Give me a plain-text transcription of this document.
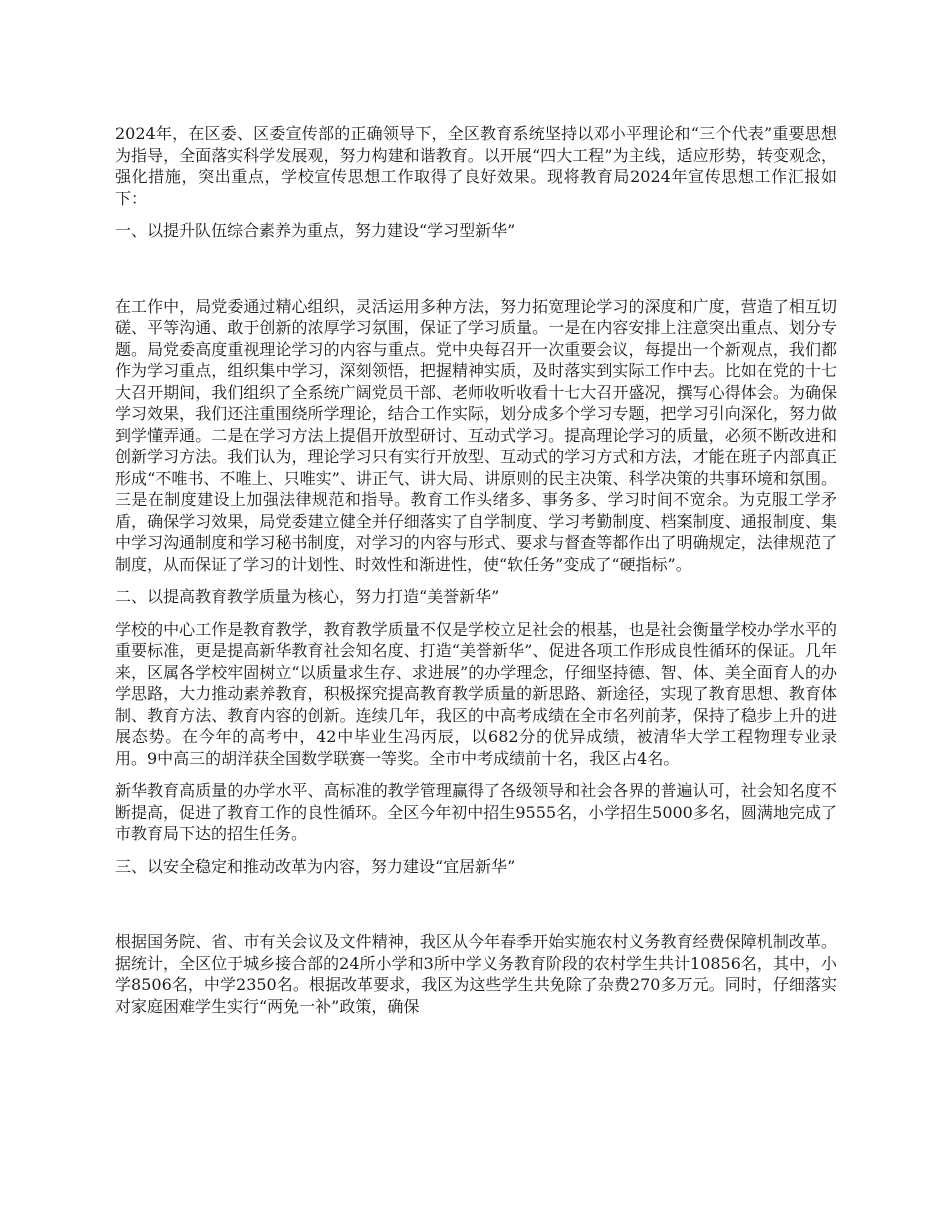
2024年，在区委、区委宣传部的正确领导下，全区教育系统坚持以邓小平理论和“三个代表”重要思想为指导，全面落实科学发展观，努力构建和谐教育。以开展“四大工程”为主线，适应形势，转变观念，强化措施，突出重点，学校宣传思想工作取得了良好效果。现将教育局2024年宣传思想工作汇报如下：

一、以提升队伍综合素养为重点，努力建设“学习型新华”

在工作中，局党委通过精心组织，灵活运用多种方法，努力拓宽理论学习的深度和广度，营造了相互切磋、平等沟通、敢于创新的浓厚学习氛围，保证了学习质量。一是在内容安排上注意突出重点、划分专题。局党委高度重视理论学习的内容与重点。党中央每召开一次重要会议，每提出一个新观点，我们都作为学习重点，组织集中学习，深刻领悟，把握精神实质，及时落实到实际工作中去。比如在党的十七大召开期间，我们组织了全系统广阔党员干部、老师收听收看十七大召开盛况，撰写心得体会。为确保学习效果，我们还注重围绕所学理论，结合工作实际，划分成多个学习专题，把学习引向深化，努力做到学懂弄通。二是在学习方法上提倡开放型研讨、互动式学习。提高理论学习的质量，必须不断改进和创新学习方法。我们认为，理论学习只有实行开放型、互动式的学习方式和方法，才能在班子内部真正形成“不唯书、不唯上、只唯实”、讲正气、讲大局、讲原则的民主决策、科学决策的共事环境和氛围。三是在制度建设上加强法律规范和指导。教育工作头绪多、事务多、学习时间不宽余。为克服工学矛盾，确保学习效果，局党委建立健全并仔细落实了自学制度、学习考勤制度、档案制度、通报制度、集中学习沟通制度和学习秘书制度，对学习的内容与形式、要求与督查等都作出了明确规定，法律规范了制度，从而保证了学习的计划性、时效性和渐进性，使“软任务”变成了“硬指标”。

二、以提高教育教学质量为核心，努力打造“美誉新华”

学校的中心工作是教育教学，教育教学质量不仅是学校立足社会的根基，也是社会衡量学校办学水平的重要标准，更是提高新华教育社会知名度、打造“美誉新华”、促进各项工作形成良性循环的保证。几年来，区属各学校牢固树立“以质量求生存、求进展”的办学理念，仔细坚持德、智、体、美全面育人的办学思路，大力推动素养教育，积极探究提高教育教学质量的新思路、新途径，实现了教育思想、教育体制、教育方法、教育内容的创新。连续几年，我区的中高考成绩在全市名列前茅，保持了稳步上升的进展态势。在今年的高考中，42中毕业生冯丙辰，以682分的优异成绩，被清华大学工程物理专业录用。9中高三的胡洋获全国数学联赛一等奖。全市中考成绩前十名，我区占4名。

新华教育高质量的办学水平、高标准的教学管理赢得了各级领导和社会各界的普遍认可，社会知名度不断提高，促进了教育工作的良性循环。全区今年初中招生9555名，小学招生5000多名，圆满地完成了市教育局下达的招生任务。

三、以安全稳定和推动改革为内容，努力建设“宜居新华”

根据国务院、省、市有关会议及文件精神，我区从今年春季开始实施农村义务教育经费保障机制改革。据统计，全区位于城乡接合部的24所小学和3所中学义务教育阶段的农村学生共计10856名，其中，小学8506名，中学2350名。根据改革要求，我区为这些学生共免除了杂费270多万元。同时，仔细落实对家庭困难学生实行“两免一补”政策，确保
